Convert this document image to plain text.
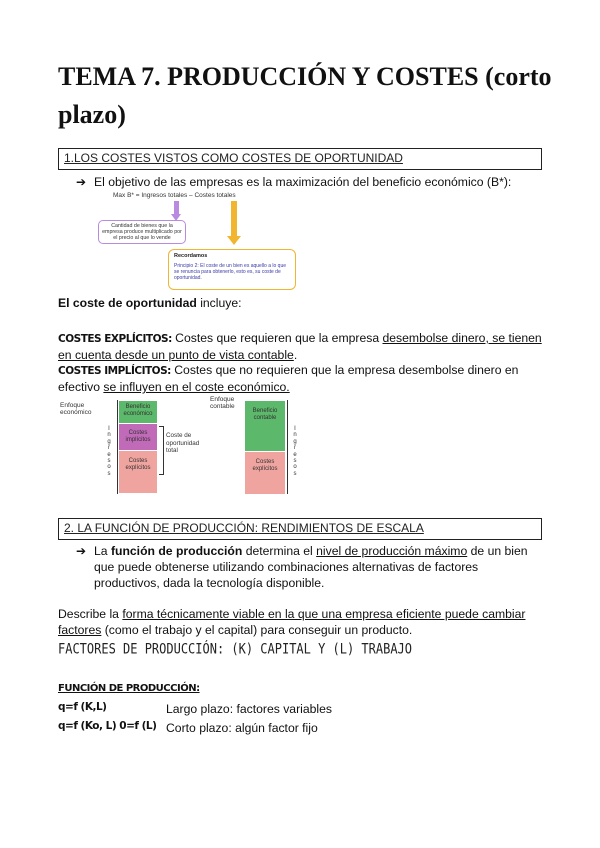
TEMA 7. PRODUCCIÓN Y COSTES (corto plazo)
1.LOS COSTES VISTOS COMO COSTES DE OPORTUNIDAD
➔ El objetivo de las empresas es la maximización del beneficio económico (B*):
Max B* = Ingresos totales – Costes totales
Cantidad de bienes que la empresa produce multiplicado por el precio al que lo vende
Recordamos
Principio 2: El coste de un bien es aquello a lo que se renuncia para obtenerlo, esto es, su coste de oportunidad.
El coste de oportunidad incluye:
COSTES EXPLÍCITOS: Costes que requieren que la empresa desembolse dinero, se tienen en cuenta desde un punto de vista contable.
COSTES IMPLÍCITOS: Costes que no requieren que la empresa desembolse dinero en efectivo se influyen en el coste económico.
Enfoque económico
Enfoque contable
Beneficio económico
Costes implícitos
Costes explícitos
I
n
g
r
e
s
o
s
Coste de oportunidad total
Beneficio contable
Costes explícitos
I
n
g
r
e
s
o
s
2. LA FUNCIÓN DE PRODUCCIÓN: RENDIMIENTOS DE ESCALA
➔ La función de producción determina el nivel de producción máximo de un bien que puede obtenerse utilizando combinaciones alternativas de factores productivos, dada la tecnología disponible.
Describe la forma técnicamente viable en la que una empresa eficiente puede cambiar factores (como el trabajo y el capital) para conseguir un producto.
FACTORES DE PRODUCCIÓN: (K) CAPITAL Y (L) TRABAJO
FUNCIÓN DE PRODUCCIÓN:
q=f (K,L)	Largo plazo: factores variables
q=f (Ko, L) 0=f (L) Corto plazo: algún factor fijo
